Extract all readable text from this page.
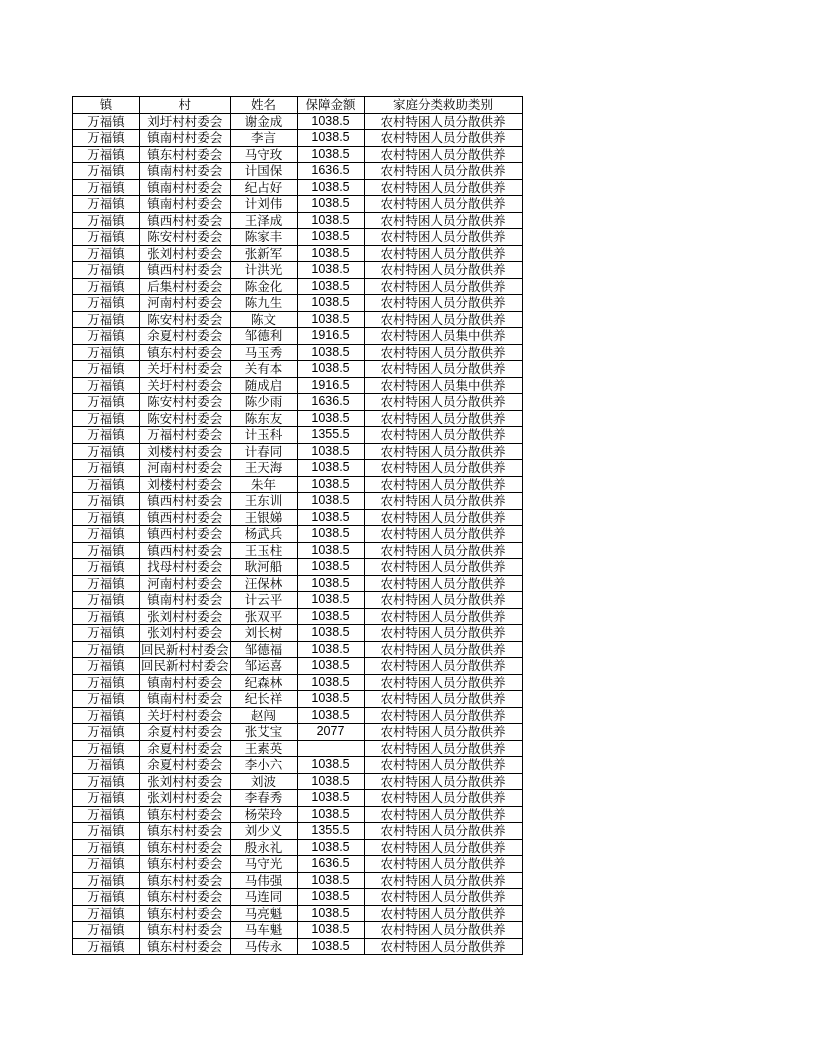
镇	村	姓名	保障金额	家庭分类救助类别
万福镇	刘圩村村委会	谢金成	1038.5	农村特困人员分散供养
万福镇	镇南村村委会	李言	1038.5	农村特困人员分散供养
万福镇	镇东村村委会	马守玫	1038.5	农村特困人员分散供养
万福镇	镇南村村委会	计国保	1636.5	农村特困人员分散供养
万福镇	镇南村村委会	纪占好	1038.5	农村特困人员分散供养
万福镇	镇南村村委会	计刘伟	1038.5	农村特困人员分散供养
万福镇	镇西村村委会	王泽成	1038.5	农村特困人员分散供养
万福镇	陈安村村委会	陈家丰	1038.5	农村特困人员分散供养
万福镇	张刘村村委会	张新军	1038.5	农村特困人员分散供养
万福镇	镇西村村委会	计洪光	1038.5	农村特困人员分散供养
万福镇	后集村村委会	陈金化	1038.5	农村特困人员分散供养
万福镇	河南村村委会	陈九生	1038.5	农村特困人员分散供养
万福镇	陈安村村委会	陈文	1038.5	农村特困人员分散供养
万福镇	余夏村村委会	邹德利	1916.5	农村特困人员集中供养
万福镇	镇东村村委会	马玉秀	1038.5	农村特困人员分散供养
万福镇	关圩村村委会	关有本	1038.5	农村特困人员分散供养
万福镇	关圩村村委会	随成启	1916.5	农村特困人员集中供养
万福镇	陈安村村委会	陈少雨	1636.5	农村特困人员分散供养
万福镇	陈安村村委会	陈东友	1038.5	农村特困人员分散供养
万福镇	万福村村委会	计玉科	1355.5	农村特困人员分散供养
万福镇	刘楼村村委会	计春同	1038.5	农村特困人员分散供养
万福镇	河南村村委会	王天海	1038.5	农村特困人员分散供养
万福镇	刘楼村村委会	朱年	1038.5	农村特困人员分散供养
万福镇	镇西村村委会	王东训	1038.5	农村特困人员分散供养
万福镇	镇西村村委会	王银娣	1038.5	农村特困人员分散供养
万福镇	镇西村村委会	杨武兵	1038.5	农村特困人员分散供养
万福镇	镇西村村委会	王玉柱	1038.5	农村特困人员分散供养
万福镇	找母村村委会	耿河船	1038.5	农村特困人员分散供养
万福镇	河南村村委会	汪保林	1038.5	农村特困人员分散供养
万福镇	镇南村村委会	计云平	1038.5	农村特困人员分散供养
万福镇	张刘村村委会	张双平	1038.5	农村特困人员分散供养
万福镇	张刘村村委会	刘长树	1038.5	农村特困人员分散供养
万福镇	回民新村村委会	邹德福	1038.5	农村特困人员分散供养
万福镇	回民新村村委会	邹运喜	1038.5	农村特困人员分散供养
万福镇	镇南村村委会	纪森林	1038.5	农村特困人员分散供养
万福镇	镇南村村委会	纪长祥	1038.5	农村特困人员分散供养
万福镇	关圩村村委会	赵闯	1038.5	农村特困人员分散供养
万福镇	余夏村村委会	张艾宝	2077	农村特困人员分散供养
万福镇	余夏村村委会	王素英		农村特困人员分散供养
万福镇	余夏村村委会	李小六	1038.5	农村特困人员分散供养
万福镇	张刘村村委会	刘波	1038.5	农村特困人员分散供养
万福镇	张刘村村委会	李春秀	1038.5	农村特困人员分散供养
万福镇	镇东村村委会	杨荣玲	1038.5	农村特困人员分散供养
万福镇	镇东村村委会	刘少义	1355.5	农村特困人员分散供养
万福镇	镇东村村委会	殷永礼	1038.5	农村特困人员分散供养
万福镇	镇东村村委会	马守光	1636.5	农村特困人员分散供养
万福镇	镇东村村委会	马伟强	1038.5	农村特困人员分散供养
万福镇	镇东村村委会	马连同	1038.5	农村特困人员分散供养
万福镇	镇东村村委会	马亮魁	1038.5	农村特困人员分散供养
万福镇	镇东村村委会	马车魁	1038.5	农村特困人员分散供养
万福镇	镇东村村委会	马传永	1038.5	农村特困人员分散供养
